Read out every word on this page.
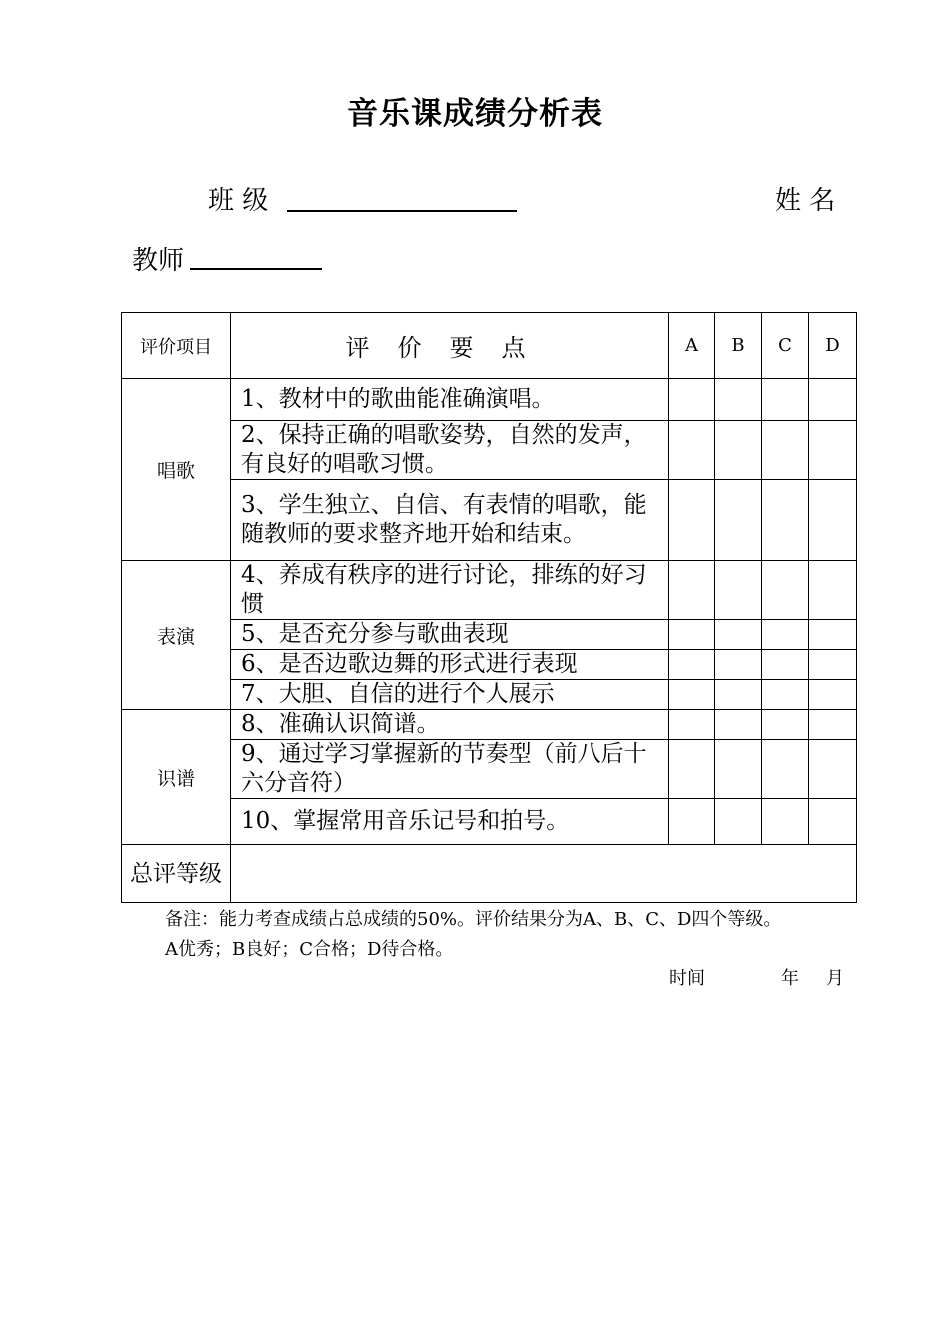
音乐课成绩分析表
班 级	姓 名
教师
评价项目	评价要点	A	B	C	D
唱歌	1、教材中的歌曲能准确演唱。				
	2、保持正确的唱歌姿势，自然的发声，有良好的唱歌习惯。				
	3、学生独立、自信、有表情的唱歌，能随教师的要求整齐地开始和结束。				
表演	4、养成有秩序的进行讨论，排练的好习惯				
	5、是否充分参与歌曲表现				
	6、是否边歌边舞的形式进行表现				
	7、大胆、自信的进行个人展示				
识谱	8、准确认识简谱。				
	9、通过学习掌握新的节奏型（前八后十六分音符）				
	10、掌握常用音乐记号和拍号。				
总评等级					
备注：能力考查成绩占总成绩的50%。评价结果分为A、B、C、D四个等级。
A优秀；B良好；C合格；D待合格。
时间	年 月
